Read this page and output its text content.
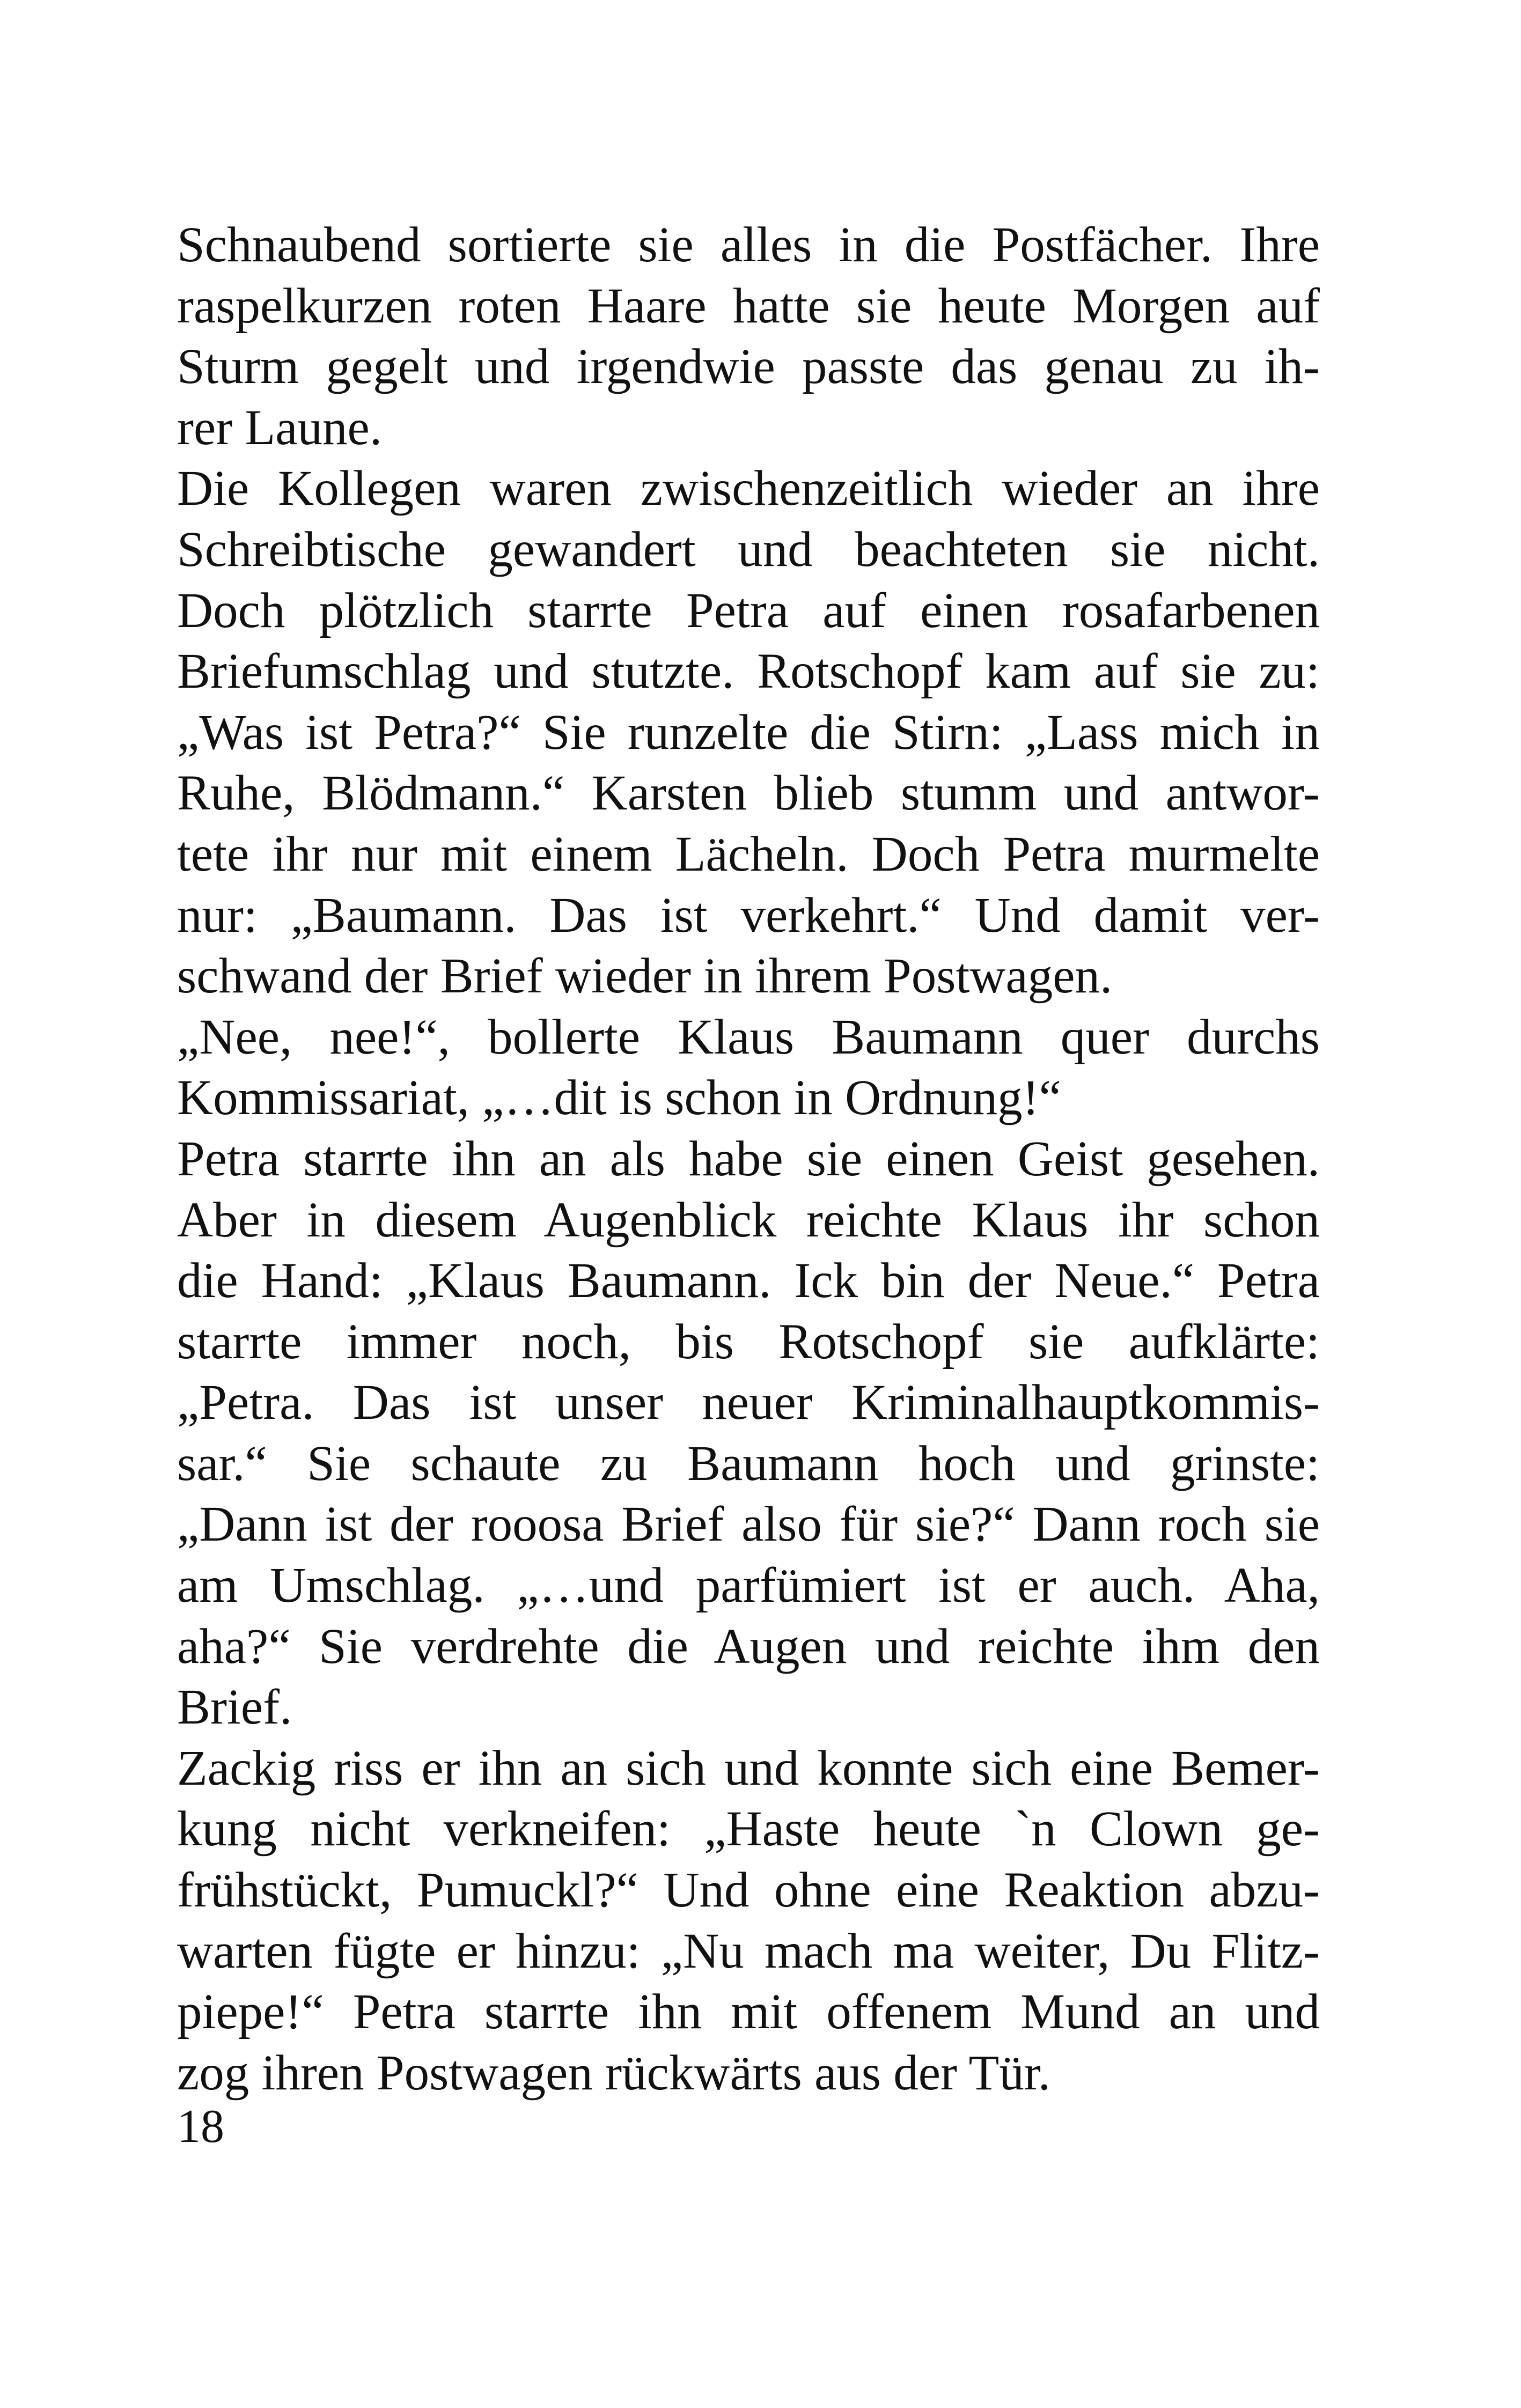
Schnaubend sortierte sie alles in die Postfächer. Ihre
raspelkurzen roten Haare hatte sie heute Morgen auf
Sturm gegelt und irgendwie passte das genau zu ih-
rer Laune.
Die Kollegen waren zwischenzeitlich wieder an ihre
Schreibtische gewandert und beachteten sie nicht.
Doch plötzlich starrte Petra auf einen rosafarbenen
Briefumschlag und stutzte. Rotschopf kam auf sie zu:
„Was ist Petra?“ Sie runzelte die Stirn: „Lass mich in
Ruhe, Blödmann.“ Karsten blieb stumm und antwor-
tete ihr nur mit einem Lächeln. Doch Petra murmelte
nur: „Baumann. Das ist verkehrt.“ Und damit ver-
schwand der Brief wieder in ihrem Postwagen.
„Nee, nee!“, bollerte Klaus Baumann quer durchs
Kommissariat, „…dit is schon in Ordnung!“
Petra starrte ihn an als habe sie einen Geist gesehen.
Aber in diesem Augenblick reichte Klaus ihr schon
die Hand: „Klaus Baumann. Ick bin der Neue.“ Petra
starrte immer noch, bis Rotschopf sie aufklärte:
„Petra. Das ist unser neuer Kriminalhauptkommis-
sar.“ Sie schaute zu Baumann hoch und grinste:
„Dann ist der rooosa Brief also für sie?“ Dann roch sie
am Umschlag. „…und parfümiert ist er auch. Aha,
aha?“ Sie verdrehte die Augen und reichte ihm den
Brief.
Zackig riss er ihn an sich und konnte sich eine Bemer-
kung nicht verkneifen: „Haste heute `n Clown ge-
frühstückt, Pumuckl?“ Und ohne eine Reaktion abzu-
warten fügte er hinzu: „Nu mach ma weiter, Du Flitz-
piepe!“ Petra starrte ihn mit offenem Mund an und
zog ihren Postwagen rückwärts aus der Tür.
18
